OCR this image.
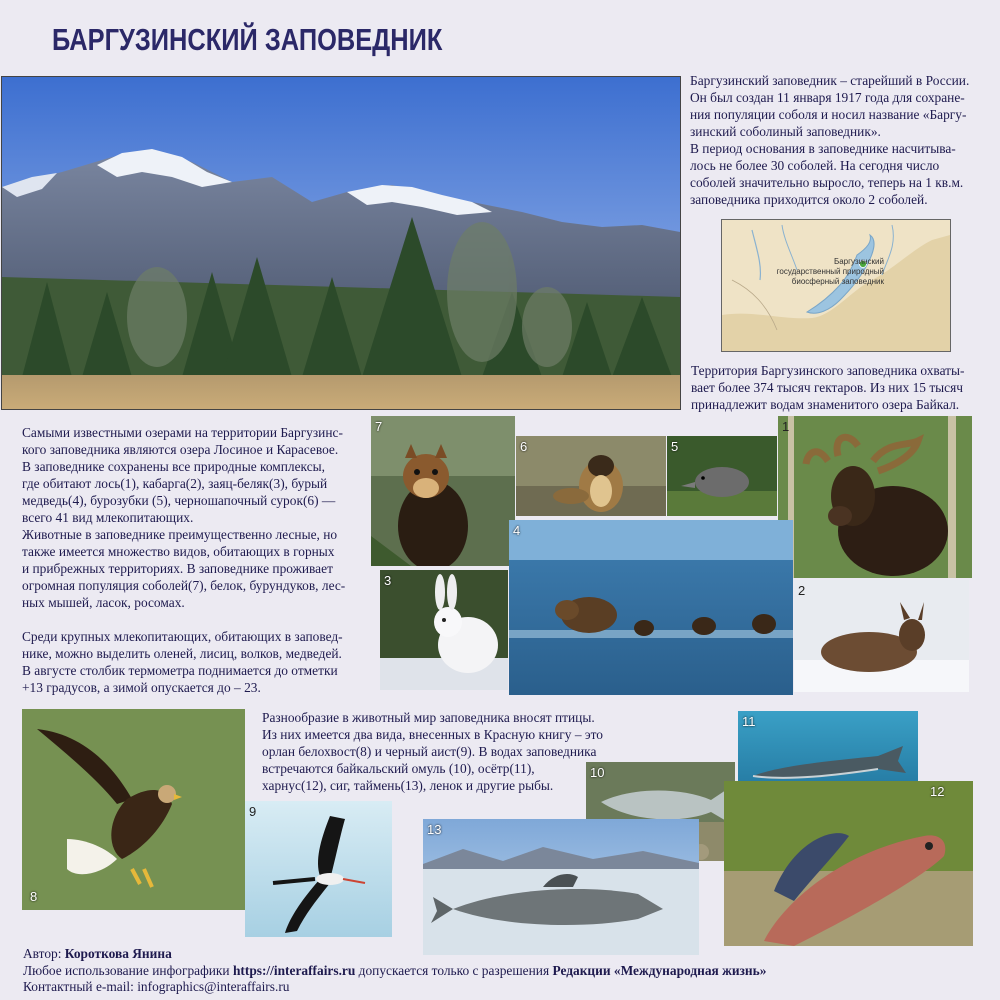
БАРГУЗИНСКИЙ ЗАПОВЕДНИК
Баргузинский заповедник – старейший в России.
Он был создан 11 января 1917 года для сохране-
ния популяции соболя и носил название «Баргу-
зинский соболиный заповедник».
В период основания в заповеднике насчитыва-
лось не более 30 соболей. На сегодня число
соболей значительно выросло, теперь на 1 кв.м.
заповедника приходится около 2 соболей.
Баргузинский
государственный природный
биосферный заповедник
Территория Баргузинского заповедника охваты-
вает более 374 тысяч гектаров. Из них 15 тысяч
принадлежит водам знаменитого озера Байкал.
Самыми известными озерами на территории Баргузинс-
кого заповедника являются озера Лосиное и Карасевое.
В заповеднике сохранены все природные комплексы,
где обитают лось(1), кабарга(2), заяц-беляк(3), бурый
медведь(4), бурозубки (5), черношапочный сурок(6) —
всего 41 вид млекопитающих.
Животные в заповеднике преимущественно лесные, но
также имеется множество видов, обитающих в горных
и прибрежных территориях. В заповеднике проживает
огромная популяция соболей(7), белок, бурундуков, лес-
ных мышей, ласок, росомах.

Среди крупных млекопитающих, обитающих в заповед-
нике, можно выделить оленей, лисиц, волков, медведей.
В августе столбик термометра поднимается до отметки
+13 градусов, а зимой опускается до – 23.
7
6	5
1
4
3
2
8
9
Разнообразие в животный мир заповедника вносят птицы.
Из них имеется два вида, внесенных в Красную книгу – это
орлан белохвост(8) и черный аист(9). В водах заповедника
встречаются байкальский омуль (10), осётр(11),
харнус(12), сиг, таймень(13), ленок и другие рыбы.
11
10
12
13
Автор: Короткова Янина
Любое использование инфографики https://interaffairs.ru допускается только с разрешения Редакции «Международная жизнь»
Контактный e-mail: infographics@interaffairs.ru
